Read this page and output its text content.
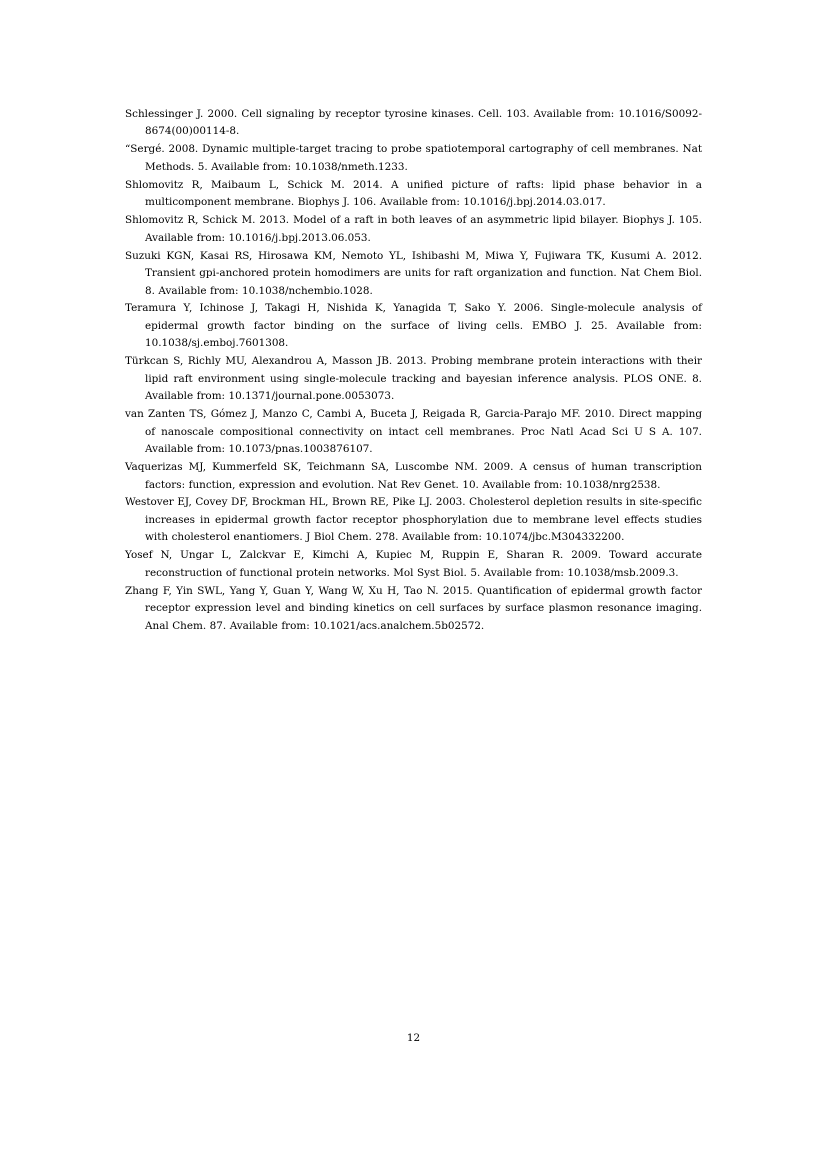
Schlessinger J. 2000. Cell signaling by receptor tyrosine kinases. Cell. 103. Available from: 10.1016/S0092-8674(00)00114-8.

“Sergé. 2008. Dynamic multiple-target tracing to probe spatiotemporal cartography of cell membranes. Nat Methods. 5. Available from: 10.1038/nmeth.1233.

Shlomovitz R, Maibaum L, Schick M. 2014. A unified picture of rafts: lipid phase behavior in a multicomponent membrane. Biophys J. 106. Available from: 10.1016/j.bpj.2014.03.017.

Shlomovitz R, Schick M. 2013. Model of a raft in both leaves of an asymmetric lipid bilayer. Biophys J. 105. Available from: 10.1016/j.bpj.2013.06.053.

Suzuki KGN, Kasai RS, Hirosawa KM, Nemoto YL, Ishibashi M, Miwa Y, Fujiwara TK, Kusumi A. 2012. Transient gpi-anchored protein homodimers are units for raft organization and function. Nat Chem Biol. 8. Available from: 10.1038/nchembio.1028.

Teramura Y, Ichinose J, Takagi H, Nishida K, Yanagida T, Sako Y. 2006. Single-molecule analysis of epidermal growth factor binding on the surface of living cells. EMBO J. 25. Available from: 10.1038/sj.emboj.7601308.

Türkcan S, Richly MU, Alexandrou A, Masson JB. 2013. Probing membrane protein interactions with their lipid raft environment using single-molecule tracking and bayesian inference analysis. PLOS ONE. 8. Available from: 10.1371/journal.pone.0053073.

van Zanten TS, Gómez J, Manzo C, Cambi A, Buceta J, Reigada R, Garcia-Parajo MF. 2010. Direct mapping of nanoscale compositional connectivity on intact cell membranes. Proc Natl Acad Sci U S A. 107. Available from: 10.1073/pnas.1003876107.

Vaquerizas MJ, Kummerfeld SK, Teichmann SA, Luscombe NM. 2009. A census of human transcription factors: function, expression and evolution. Nat Rev Genet. 10. Available from: 10.1038/nrg2538.

Westover EJ, Covey DF, Brockman HL, Brown RE, Pike LJ. 2003. Cholesterol depletion results in site-specific increases in epidermal growth factor receptor phosphorylation due to membrane level effects studies with cholesterol enantiomers. J Biol Chem. 278. Available from: 10.1074/jbc.M304332200.

Yosef N, Ungar L, Zalckvar E, Kimchi A, Kupiec M, Ruppin E, Sharan R. 2009. Toward accurate reconstruction of functional protein networks. Mol Syst Biol. 5. Available from: 10.1038/msb.2009.3.

Zhang F, Yin SWL, Yang Y, Guan Y, Wang W, Xu H, Tao N. 2015. Quantification of epidermal growth factor receptor expression level and binding kinetics on cell surfaces by surface plasmon resonance imaging. Anal Chem. 87. Available from: 10.1021/acs.analchem.5b02572.

12
